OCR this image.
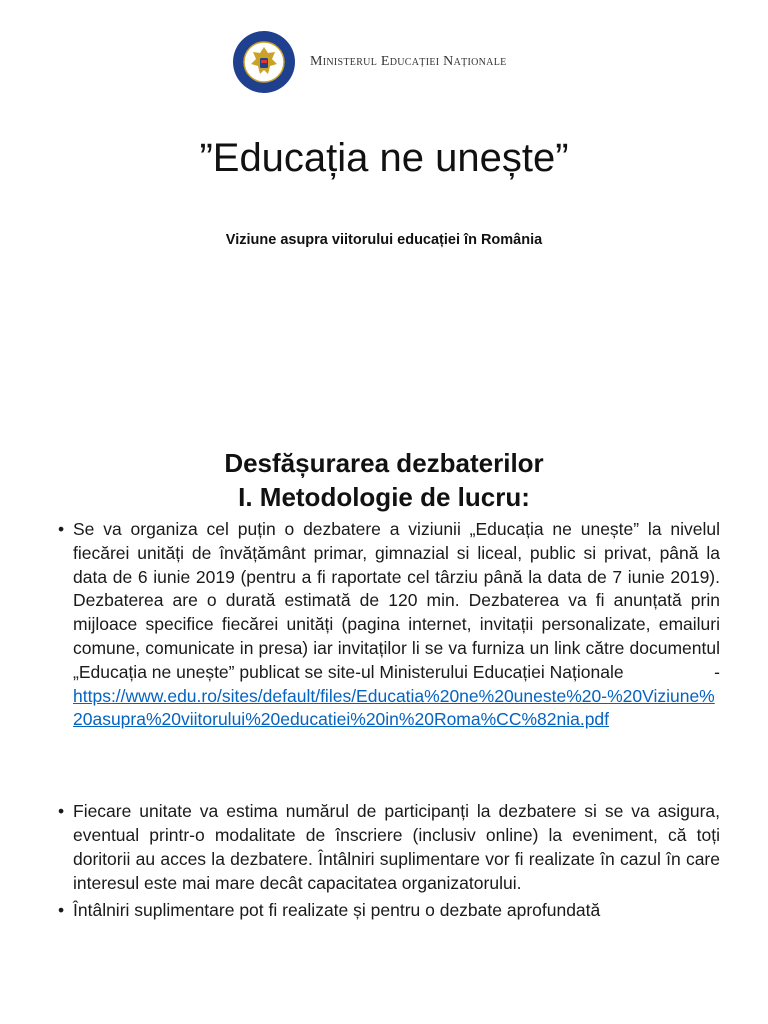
Ministerul Educației Naționale
”Educația ne unește”

Viziune asupra viitorului educației în România

Desfășurarea dezbaterilor
I. Metodologie de lucru:
• Se va organiza cel puțin o dezbatere a viziunii „Educația ne unește” la nivelul fiecărei unități de învățământ primar, gimnazial si liceal, public si privat, până la data de 6 iunie 2019 (pentru a fi raportate cel târziu până la data de 7 iunie 2019). Dezbaterea are o durată estimată de 120 min. Dezbaterea va fi anunțată prin mijloace specifice fiecărei unități (pagina internet, invitații personalizate, emailuri comune, comunicate in presa) iar invitaților li se va furniza un link către documentul „Educația ne unește” publicat se site-ul Ministerului Educației Naționale	-
https://www.edu.ro/sites/default/files/Educatia%20ne%20uneste%20-%20Viziune%20asupra%20viitorului%20educatiei%20in%20Roma%CC%82nia.pdf
• Fiecare unitate va estima numărul de participanți la dezbatere si se va asigura, eventual printr-o modalitate de înscriere (inclusiv online) la eveniment, că toți doritorii au acces la dezbatere. Întâlniri suplimentare vor fi realizate în cazul în care interesul este mai mare decât capacitatea organizatorului.
• Întâlniri suplimentare pot fi realizate și pentru o dezbate aprofundată
